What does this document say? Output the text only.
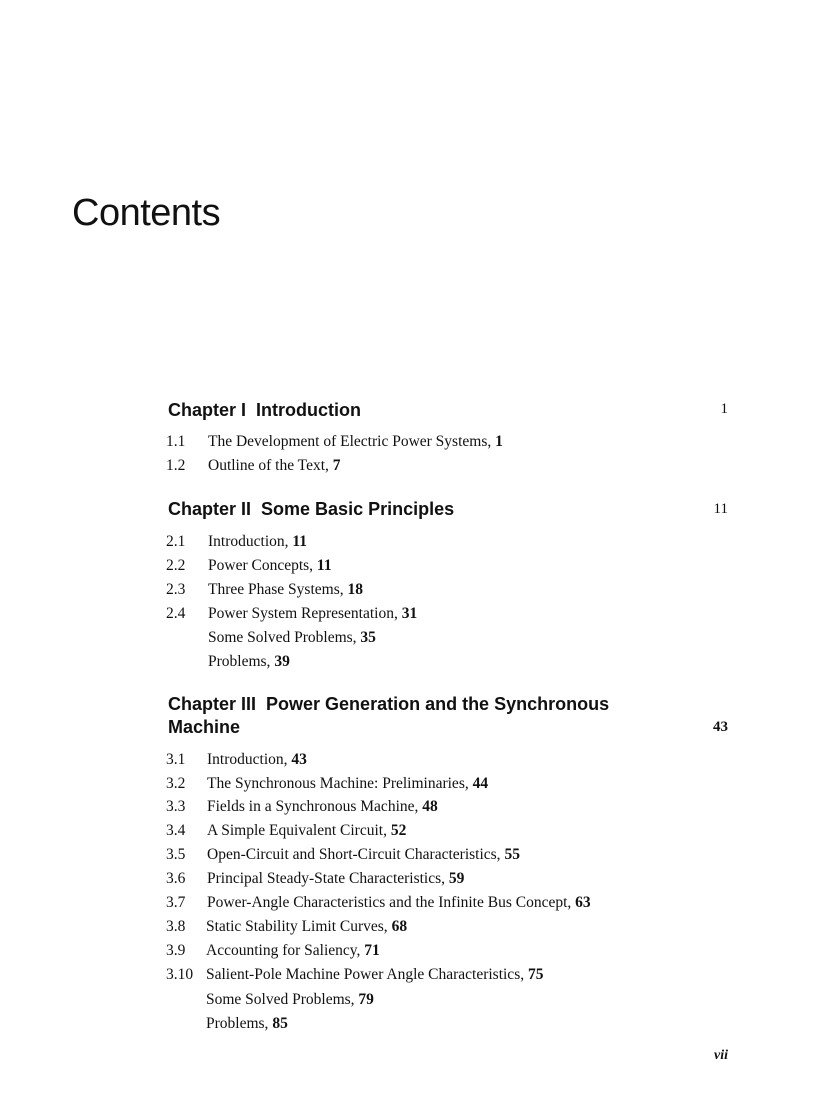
Contents
Chapter I Introduction	1
1.1 The Development of Electric Power Systems, 1
1.2 Outline of the Text, 7
Chapter II Some Basic Principles	11
2.1 Introduction, 11
2.2 Power Concepts, 11
2.3 Three Phase Systems, 18
2.4 Power System Representation, 31
Some Solved Problems, 35
Problems, 39
Chapter III Power Generation and the Synchronous
Machine	43
3.1 Introduction, 43
3.2 The Synchronous Machine: Preliminaries, 44
3.3 Fields in a Synchronous Machine, 48
3.4 A Simple Equivalent Circuit, 52
3.5 Open-Circuit and Short-Circuit Characteristics, 55
3.6 Principal Steady-State Characteristics, 59
3.7 Power-Angle Characteristics and the Infinite Bus Concept, 63
3.8 Static Stability Limit Curves, 68
3.9 Accounting for Saliency, 71
3.10 Salient-Pole Machine Power Angle Characteristics, 75
Some Solved Problems, 79
Problems, 85
vii
